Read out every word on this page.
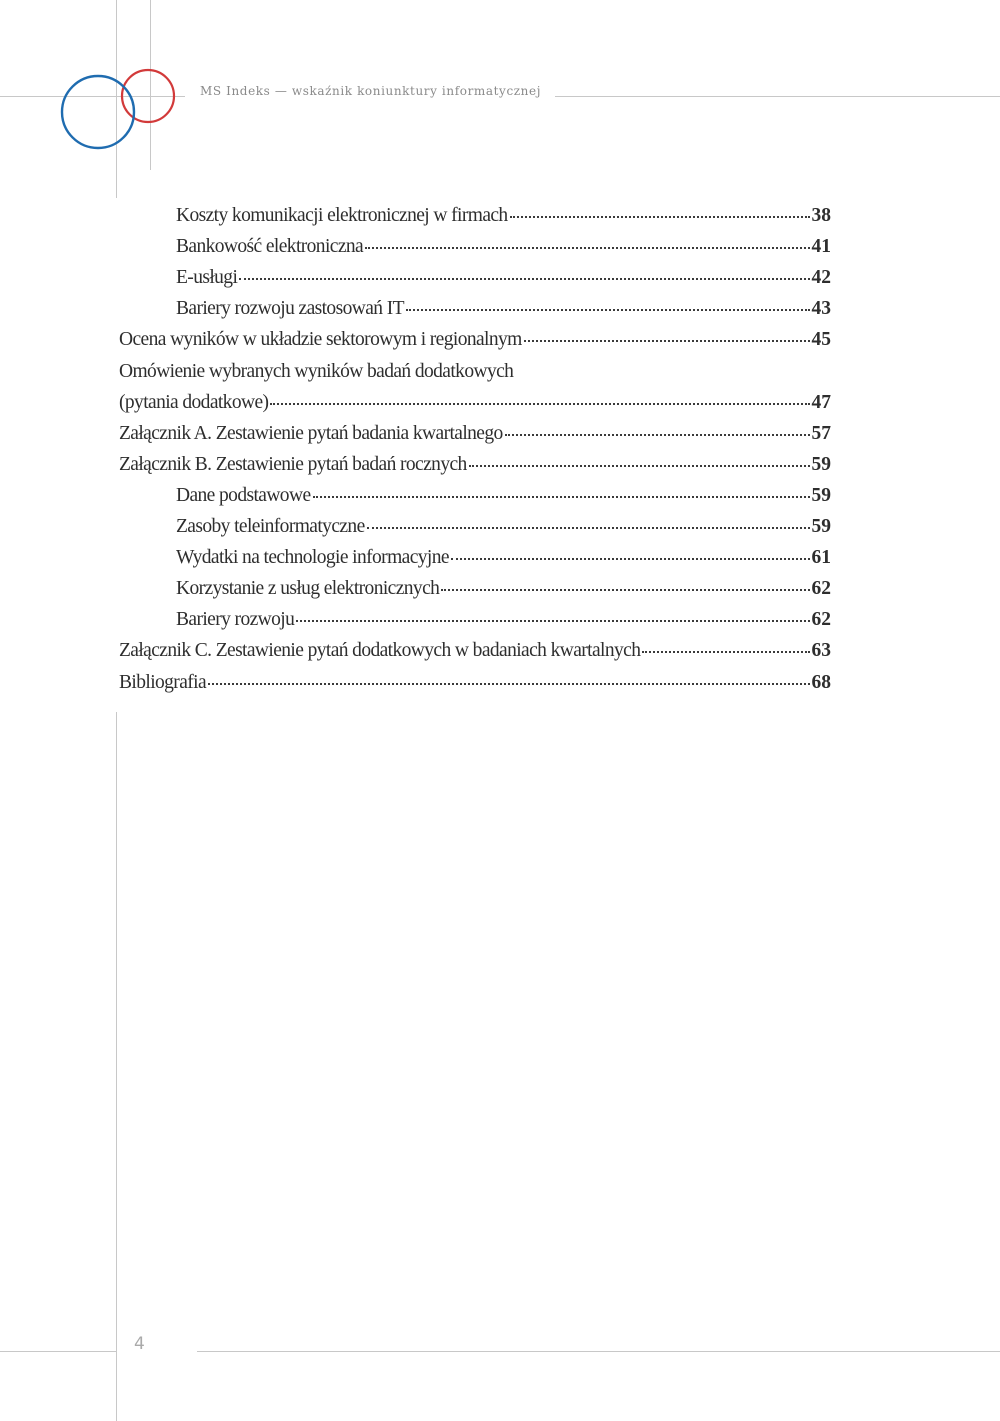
MS Indeks — wskaźnik koniunktury informatycznej
Koszty komunikacji elektronicznej w firmach	38
Bankowość elektroniczna	41
E-usługi	42
Bariery rozwoju zastosowań IT	43
Ocena wyników w układzie sektorowym i regionalnym	45
Omówienie wybranych wyników badań dodatkowych
(pytania dodatkowe)	47
Załącznik A. Zestawienie pytań badania kwartalnego	57
Załącznik B. Zestawienie pytań badań rocznych	59
Dane podstawowe	59
Zasoby teleinformatyczne	59
Wydatki na technologie informacyjne	61
Korzystanie z usług elektronicznych	62
Bariery rozwoju	62
Załącznik C. Zestawienie pytań dodatkowych w badaniach kwartalnych	63
Bibliografia	68
4
